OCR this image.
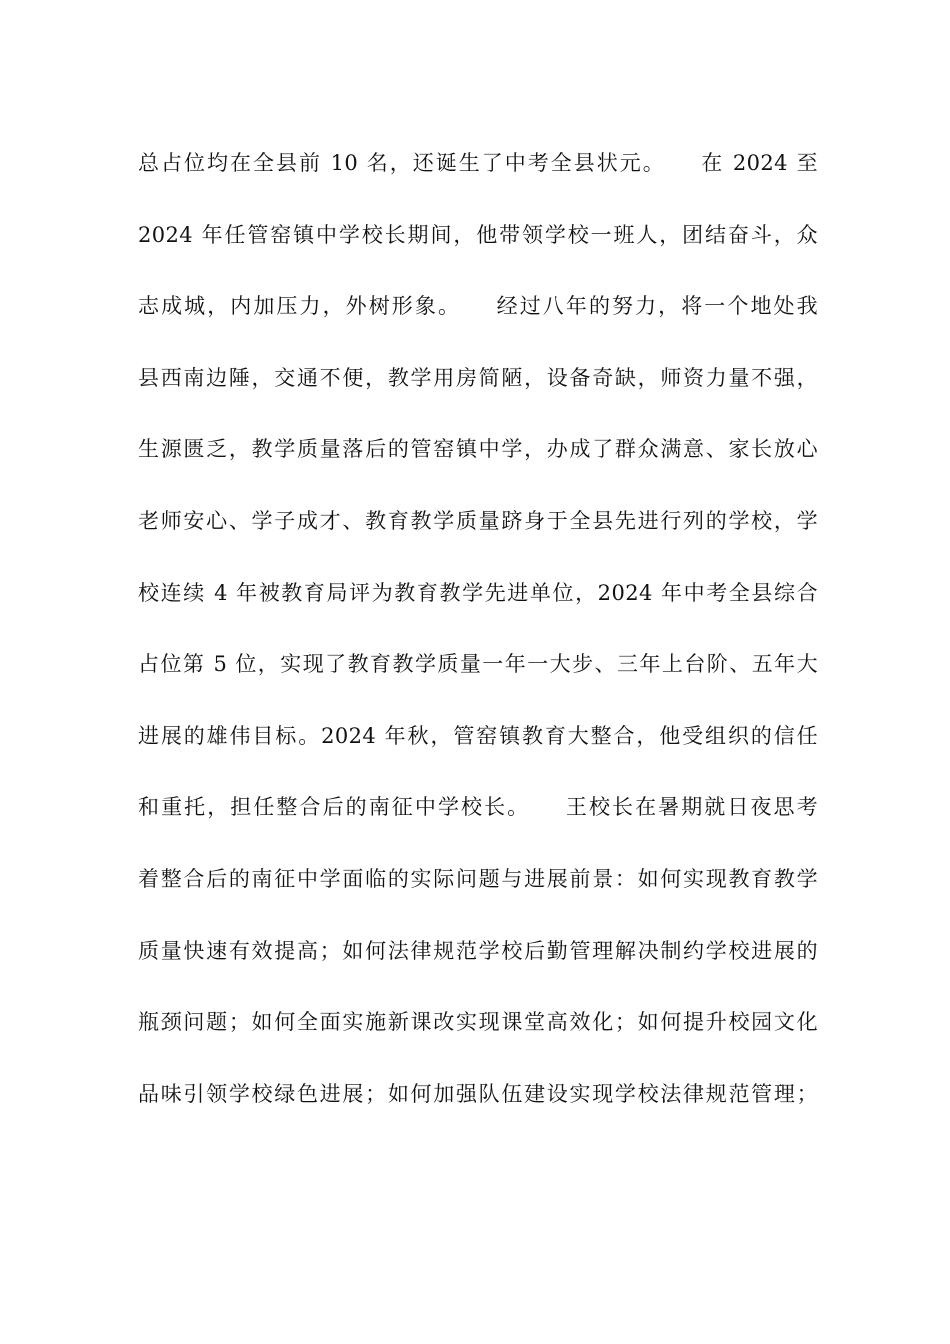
总占位均在全县前 10 名，还诞生了中考全县状元。　　在 2024 至
2024 年任管窑镇中学校长期间，他带领学校一班人，团结奋斗，众
志成城，内加压力，外树形象。　　经过八年的努力，将一个地处我
县西南边陲，交通不便，教学用房简陋，设备奇缺，师资力量不强，
生源匮乏，教学质量落后的管窑镇中学，办成了群众满意、家长放心
老师安心、学子成才、教育教学质量跻身于全县先进行列的学校，学
校连续 4 年被教育局评为教育教学先进单位，2024 年中考全县综合
占位第 5 位，实现了教育教学质量一年一大步、三年上台阶、五年大
进展的雄伟目标。2024 年秋，管窑镇教育大整合，他受组织的信任
和重托，担任整合后的南征中学校长。　　王校长在暑期就日夜思考
着整合后的南征中学面临的实际问题与进展前景：如何实现教育教学
质量快速有效提高；如何法律规范学校后勤管理解决制约学校进展的
瓶颈问题；如何全面实施新课改实现课堂高效化；如何提升校园文化
品味引领学校绿色进展；如何加强队伍建设实现学校法律规范管理；
